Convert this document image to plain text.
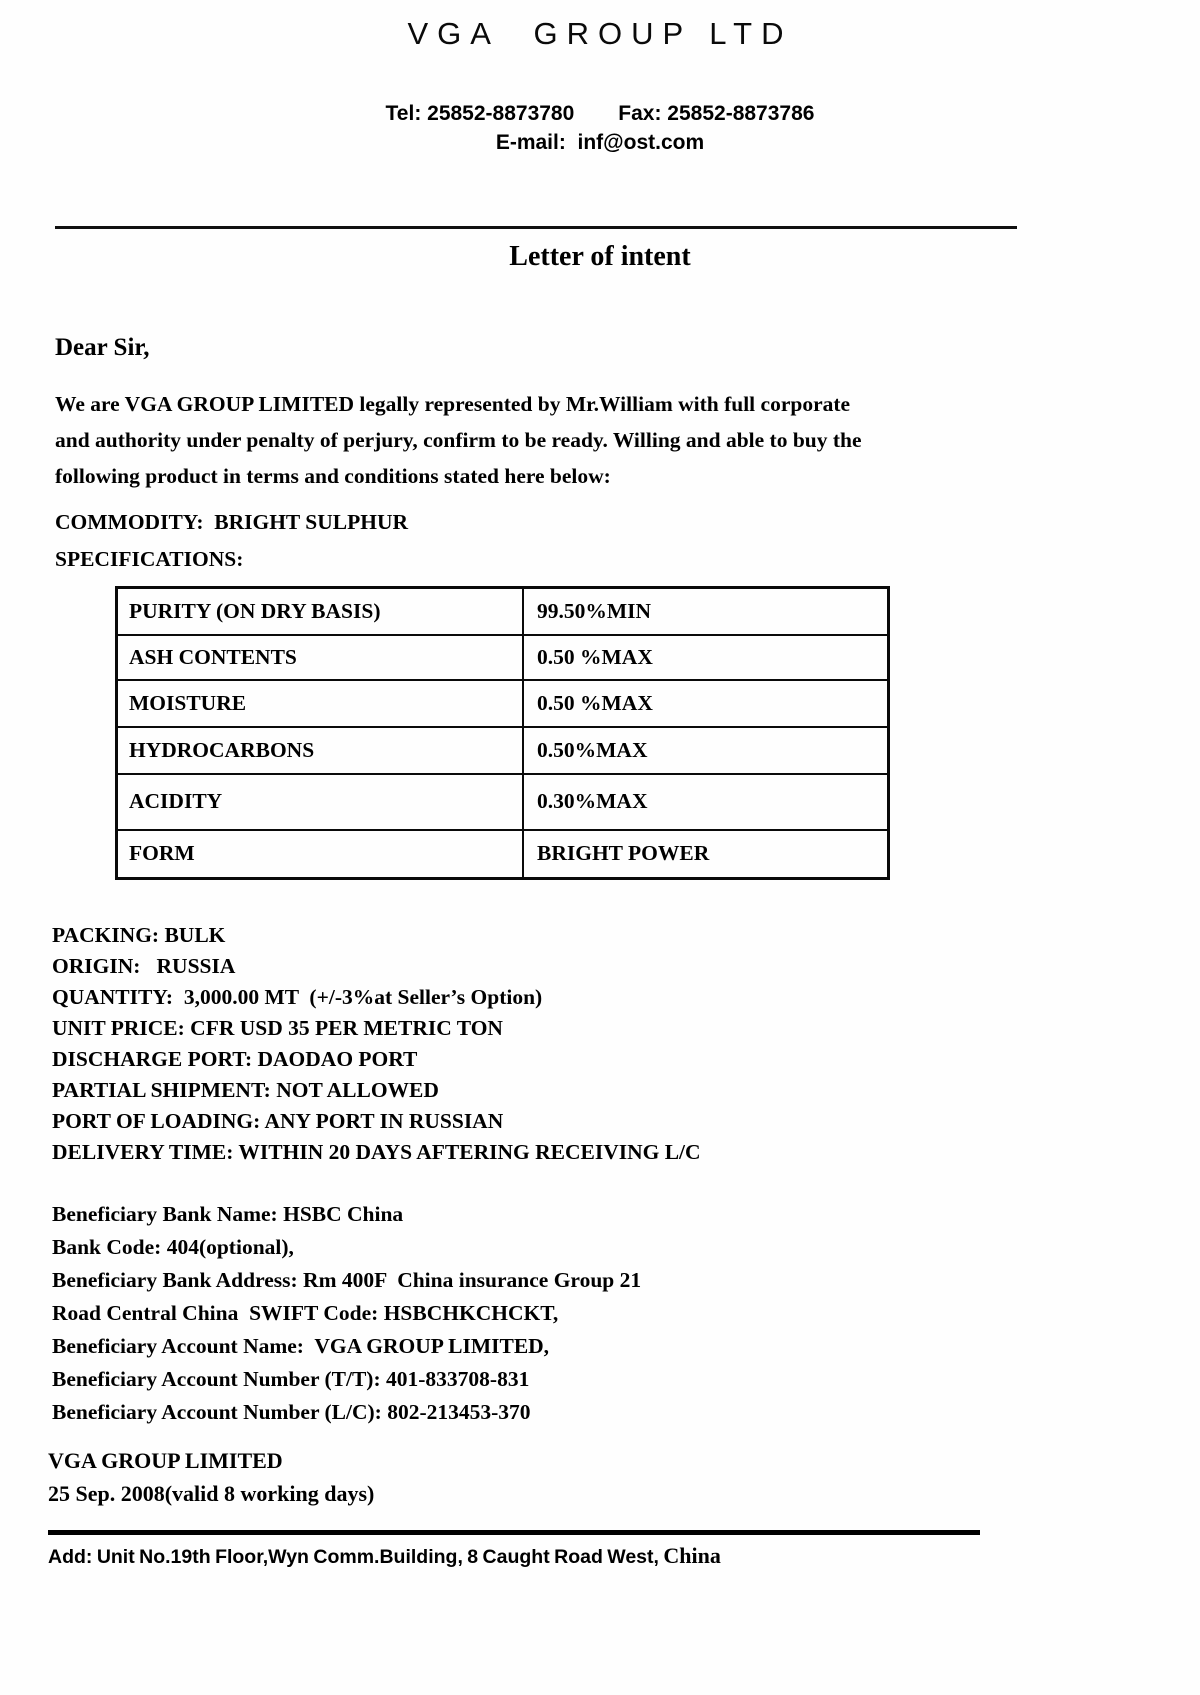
VGA  GROUP LTD
Tel: 25852-8873780 Fax: 25852-8873786
E-mail:  inf@ost.com
Letter of intent
Dear Sir,
We are VGA GROUP LIMITED legally represented by Mr.William with full corporate
and authority under penalty of perjury, confirm to be ready. Willing and able to buy the
following product in terms and conditions stated here below:
COMMODITY:  BRIGHT SULPHUR
SPECIFICATIONS:
PURITY (ON DRY BASIS)	99.50%MIN
ASH CONTENTS	0.50 %MAX
MOISTURE	0.50 %MAX
HYDROCARBONS	0.50%MAX
ACIDITY	0.30%MAX
FORM	BRIGHT POWER
PACKING: BULK
ORIGIN:   RUSSIA
QUANTITY:  3,000.00 MT  (+/-3%at Seller’s Option)
UNIT PRICE: CFR USD 35 PER METRIC TON
DISCHARGE PORT: DAODAO PORT
PARTIAL SHIPMENT: NOT ALLOWED
PORT OF LOADING: ANY PORT IN RUSSIAN
DELIVERY TIME: WITHIN 20 DAYS AFTERING RECEIVING L/C
Beneficiary Bank Name: HSBC China
Bank Code: 404(optional),
Beneficiary Bank Address: Rm 400F  China insurance Group 21
Road Central China  SWIFT Code: HSBCHKCHCKT,
Beneficiary Account Name:  VGA GROUP LIMITED,
Beneficiary Account Number (T/T): 401-833708-831
Beneficiary Account Number (L/C): 802-213453-370
VGA GROUP LIMITED
25 Sep. 2008(valid 8 working days)
Add: Unit No.19th Floor,Wyn Comm.Building, 8 Caught Road West, China
